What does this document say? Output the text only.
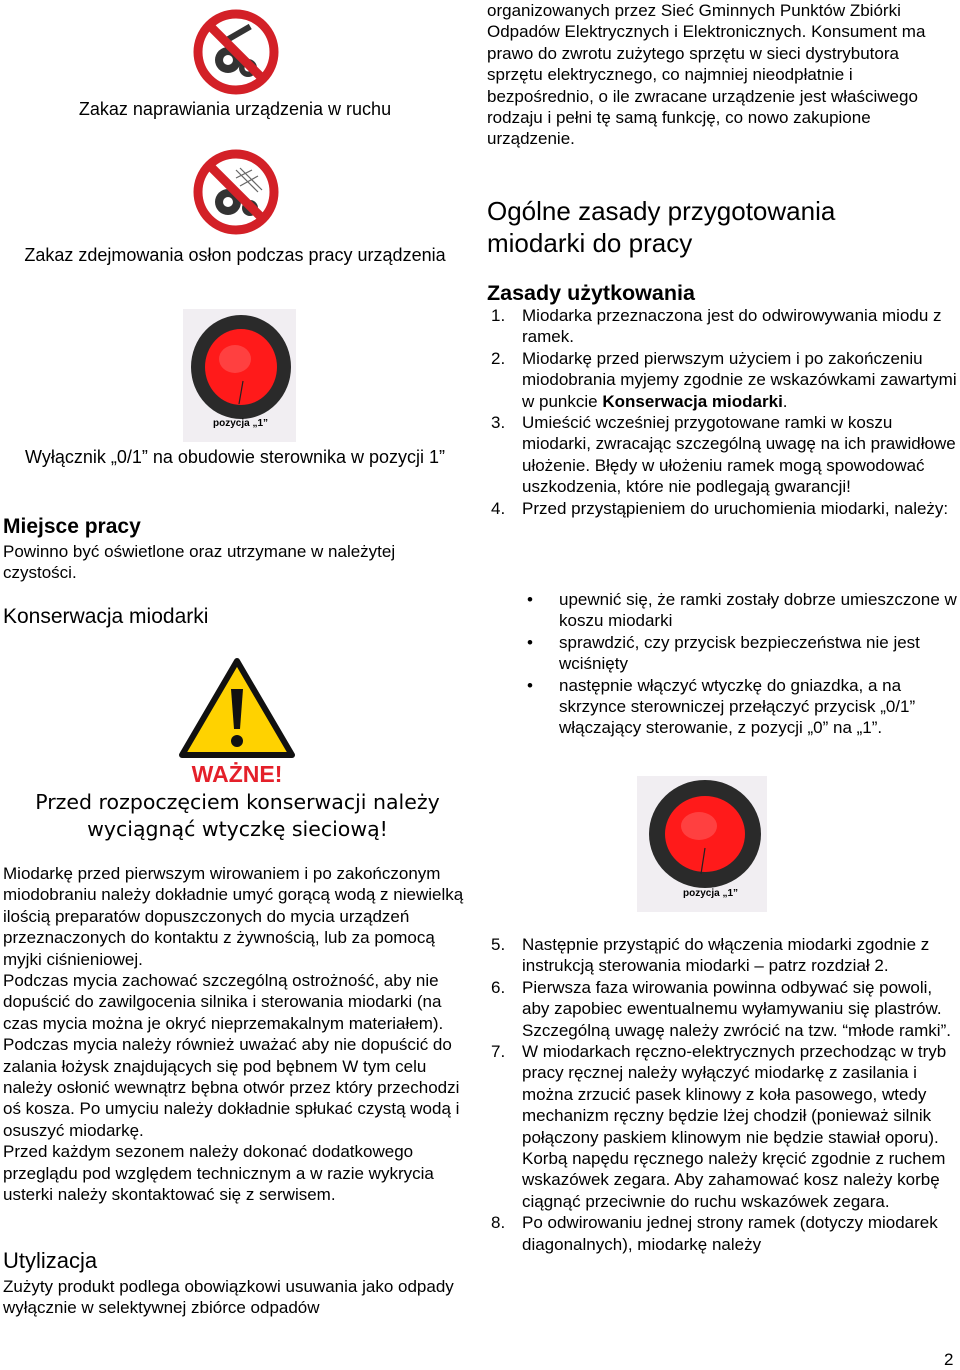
Zakaz naprawiania urządzenia w ruchu
Zakaz zdejmowania osłon podczas pracy urządzenia
pozycja „1”
Wyłącznik „0/1” na obudowie sterownika w pozycji 1”
Miejsce pracy
Powinno być oświetlone oraz utrzymane w należytej czystości.
Konserwacja miodarki
WAŻNE!
Przed rozpoczęciem konserwacji należy
wyciągnąć wtyczkę sieciową!
Miodarkę przed pierwszym wirowaniem i po zakończonym miodobraniu należy dokładnie umyć gorącą wodą z niewielką ilością preparatów dopuszczonych do mycia urządzeń przeznaczonych do kontaktu z żywnością, lub za pomocą myjki ciśnieniowej.
Podczas mycia zachować szczególną ostrożność, aby nie dopuścić do zawilgocenia silnika i sterowania miodarki (na czas mycia można je okryć nieprzemakalnym materiałem).
Podczas mycia należy również uważać aby nie dopuścić do zalania łożysk znajdujących się pod bębnem W tym celu należy osłonić wewnątrz bębna otwór przez który przechodzi oś kosza. Po umyciu należy dokładnie spłukać czystą wodą i osuszyć miodarkę.
Przed każdym sezonem należy dokonać dodatkowego przeglądu pod względem technicznym a w razie wykrycia usterki należy skontaktować się z serwisem.
Utylizacja
Zużyty produkt podlega obowiązkowi usuwania jako odpady wyłącznie w selektywnej zbiórce odpadów
organizowanych przez Sieć Gminnych Punktów Zbiórki Odpadów Elektrycznych i Elektronicznych. Konsument ma prawo do zwrotu zużytego sprzętu w sieci dystrybutora sprzętu elektrycznego, co najmniej nieodpłatnie i bezpośrednio, o ile zwracane urządzenie jest właściwego rodzaju i pełni tę samą funkcję, co nowo zakupione urządzenie.
Ogólne zasady przygotowania
miodarki do pracy
Zasady użytkowania
1. Miodarka przeznaczona jest do odwirowywania miodu z ramek.
2. Miodarkę przed pierwszym użyciem i po zakończeniu miodobrania myjemy zgodnie ze wskazówkami zawartymi w punkcie Konserwacja miodarki.
3. Umieścić wcześniej przygotowane ramki w koszu miodarki, zwracając szczególną uwagę na ich prawidłowe ułożenie. Błędy w ułożeniu ramek mogą spowodować uszkodzenia, które nie podlegają gwarancji!
4. Przed przystąpieniem do uruchomienia miodarki, należy:
• upewnić się, że ramki zostały dobrze umieszczone w koszu miodarki
• sprawdzić, czy przycisk bezpieczeństwa nie jest wciśnięty
• następnie włączyć wtyczkę do gniazdka, a na skrzynce sterowniczej przełączyć przycisk „0/1” włączający sterowanie, z pozycji „0” na „1”.
pozycja „1”
5. Następnie przystąpić do włączenia miodarki zgodnie z instrukcją sterowania miodarki – patrz rozdział 2.
6. Pierwsza faza wirowania powinna odbywać się powoli, aby zapobiec ewentualnemu wyłamywaniu się plastrów. Szczególną uwagę należy zwrócić na tzw. “młode ramki”.
7. W miodarkach ręczno-elektrycznych przechodząc w tryb pracy ręcznej należy wyłączyć miodarkę z zasilania i można zrzucić pasek klinowy z koła pasowego, wtedy mechanizm ręczny będzie lżej chodził (ponieważ silnik połączony paskiem klinowym nie będzie stawiał oporu). Korbą napędu ręcznego należy kręcić zgodnie z ruchem wskazówek zegara. Aby zahamować kosz należy korbę ciągnąć przeciwnie do ruchu wskazówek zegara.
8. Po odwirowaniu jednej strony ramek (dotyczy miodarek diagonalnych), miodarkę należy
2
